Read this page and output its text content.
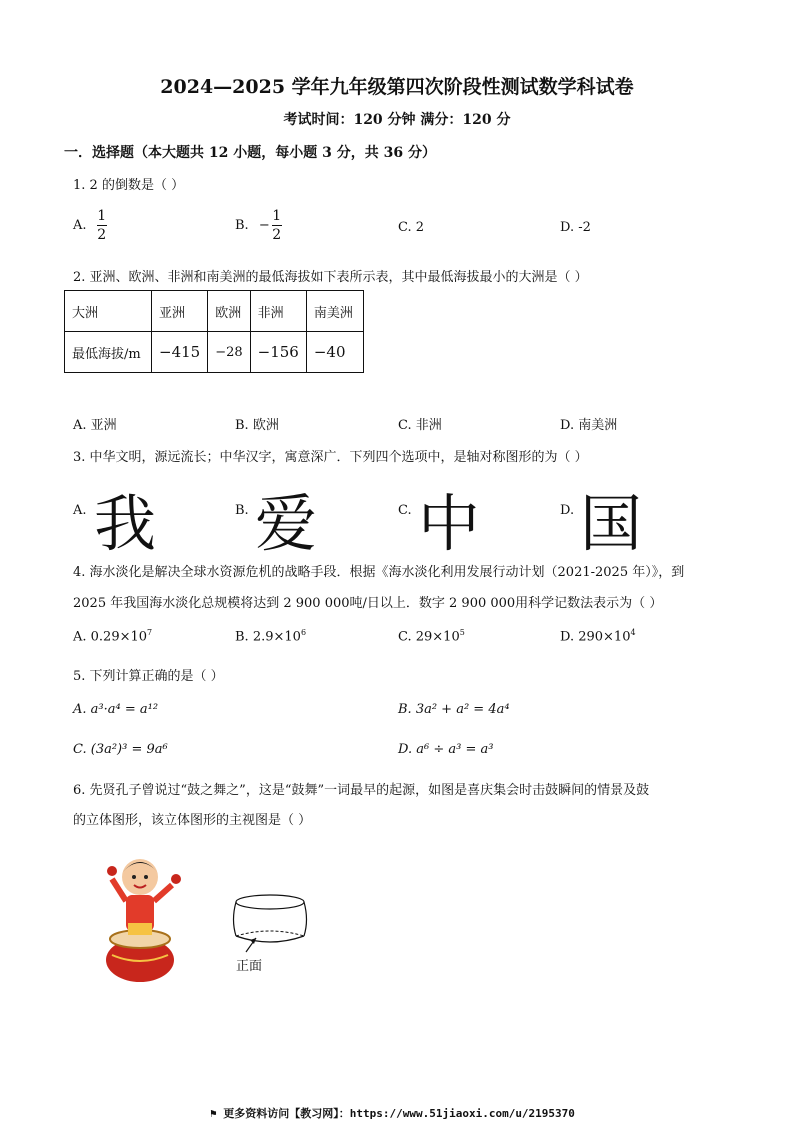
2024—2025 学年九年级第四次阶段性测试数学科试卷
考试时间：120 分钟 满分：120 分
一．选择题（本大题共 12 小题，每小题 3 分，共 36 分）
1. 2 的倒数是（ ）
A. $\frac{1}{2}$	B. − $\frac{1}{2}$	C. 2	D. -2
2. 亚洲、欧洲、非洲和南美洲的最低海拔如下表所示表，其中最低海拔最小的大洲是（ ）
大洲	亚洲	欧洲	非洲	南美洲
最低海拔/m	−415	−28	−156	−40
A. 亚洲	B. 欧洲	C. 非洲	D. 南美洲
3. 中华文明，源远流长；中华汉字，寓意深广．下列四个选项中，是轴对称图形的为（ ）
A. 我	B. 爱	C. 中	D. 国
4. 海水淡化是解决全球水资源危机的战略手段．根据《海水淡化利用发展行动计划（2021-2025 年）》，到
2025 年我国海水淡化总规模将达到 2 900 000吨/日以上．数字 2 900 000用科学记数法表示为（ ）
A. $0.29\times 10^7$	B. $2.9\times 10^6$	C. $29\times 10^5$	D. $290\times 10^4$
5. 下列计算正确的是（ ）
A. a³·a⁴ = a¹²	B. 3a² + a² = 4a⁴
C. (3a²)³ = 9a⁶	D. a⁶ ÷ a³ = a³
6. 先贤孔子曾说过“鼓之舞之”，这是“鼓舞”一词最早的起源，如图是喜庆集会时击鼓瞬间的情景及鼓
的立体图形，该立体图形的主视图是（ ）
正面
⚑ 更多资料访问【教习网】：https://www.51jiaoxi.com/u/2195370
